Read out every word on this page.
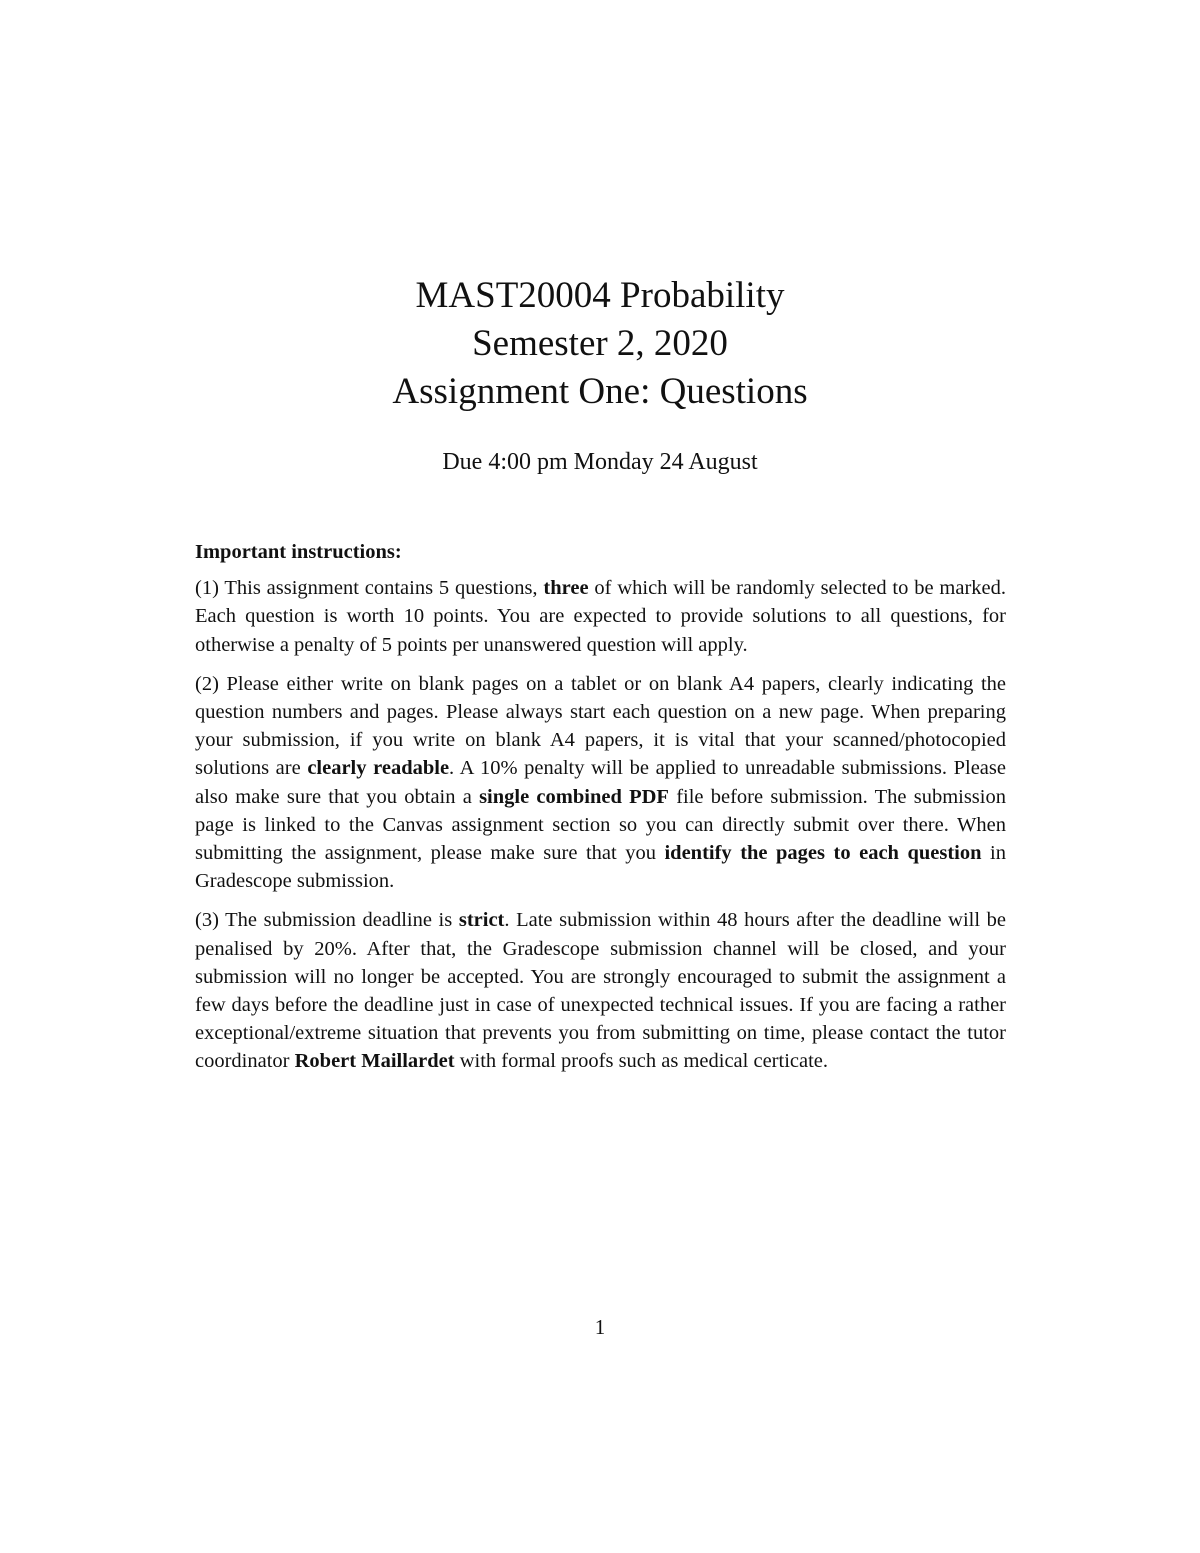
MAST20004 Probability
Semester 2, 2020
Assignment One: Questions
Due 4:00 pm Monday 24 August
Important instructions:

(1) This assignment contains 5 questions, three of which will be randomly selected to be marked. Each question is worth 10 points. You are expected to provide solutions to all questions, for otherwise a penalty of 5 points per unanswered question will apply.

(2) Please either write on blank pages on a tablet or on blank A4 papers, clearly indicating the question numbers and pages. Please always start each question on a new page. When preparing your submission, if you write on blank A4 papers, it is vital that your scanned/photocopied solutions are clearly readable. A 10% penalty will be applied to unreadable submissions. Please also make sure that you obtain a single combined PDF file before submission. The submission page is linked to the Canvas assignment section so you can directly submit over there. When submitting the assignment, please make sure that you identify the pages to each question in Gradescope submission.

(3) The submission deadline is strict. Late submission within 48 hours after the deadline will be penalised by 20%. After that, the Gradescope submission channel will be closed, and your submission will no longer be accepted. You are strongly encouraged to submit the assignment a few days before the deadline just in case of unexpected technical issues. If you are facing a rather exceptional/extreme situation that prevents you from submitting on time, please contact the tutor coordinator Robert Maillardet with formal proofs such as medical certicate.

1
